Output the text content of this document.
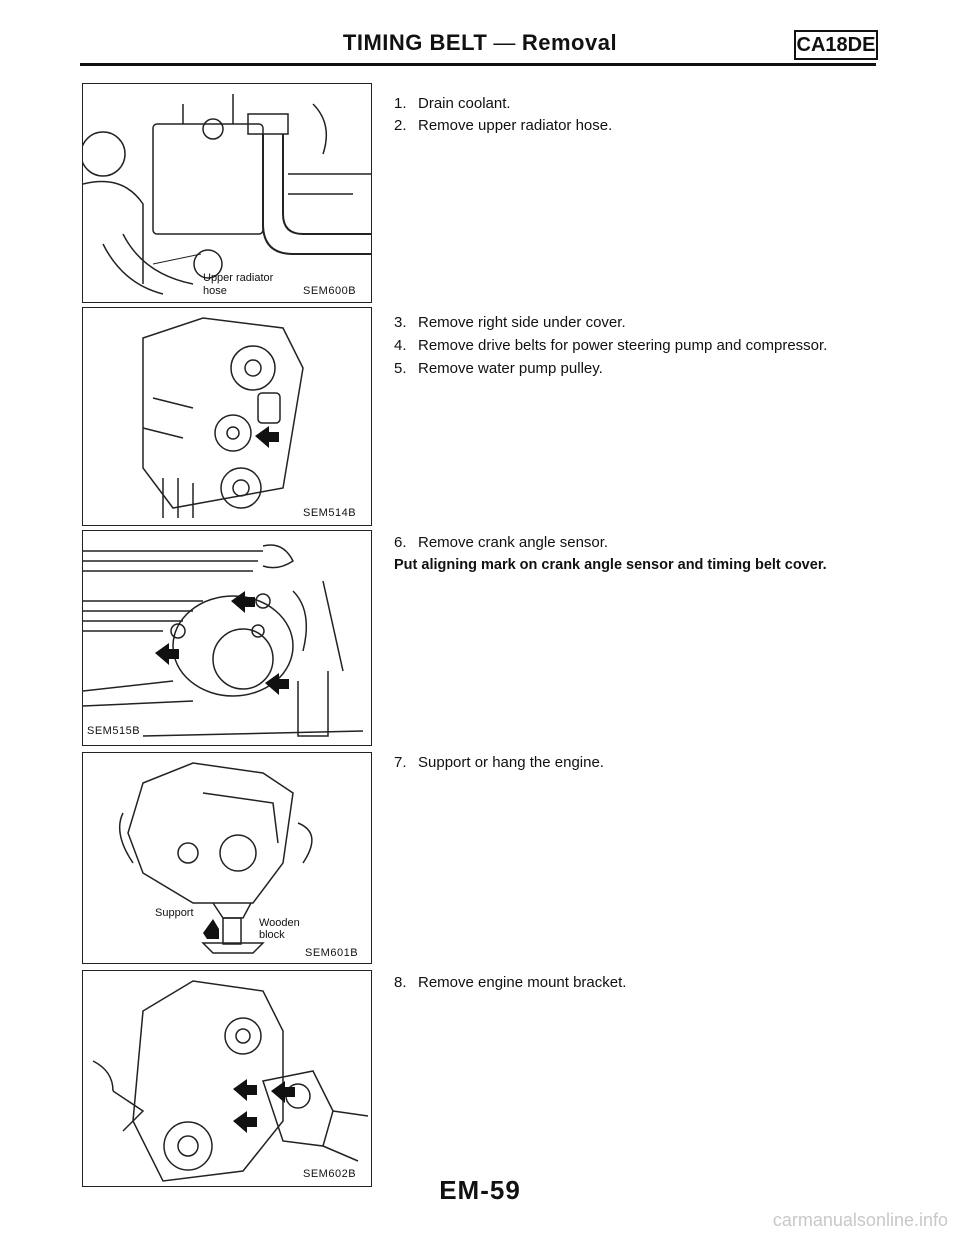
TIMING BELT — Removal	CA18DE
Upper radiator
hose	SEM600B
SEM514B
SEM515B
Support
Wooden
block
SEM601B
SEM602B
1. Drain coolant.
2. Remove upper radiator hose.
3. Remove right side under cover.
4. Remove drive belts for power steering pump and compressor.
5. Remove water pump pulley.
6. Remove crank angle sensor.
Put aligning mark on crank angle sensor and timing belt cover.
7. Support or hang the engine.
8. Remove engine mount bracket.
EM-59
carmanualsonline.info
